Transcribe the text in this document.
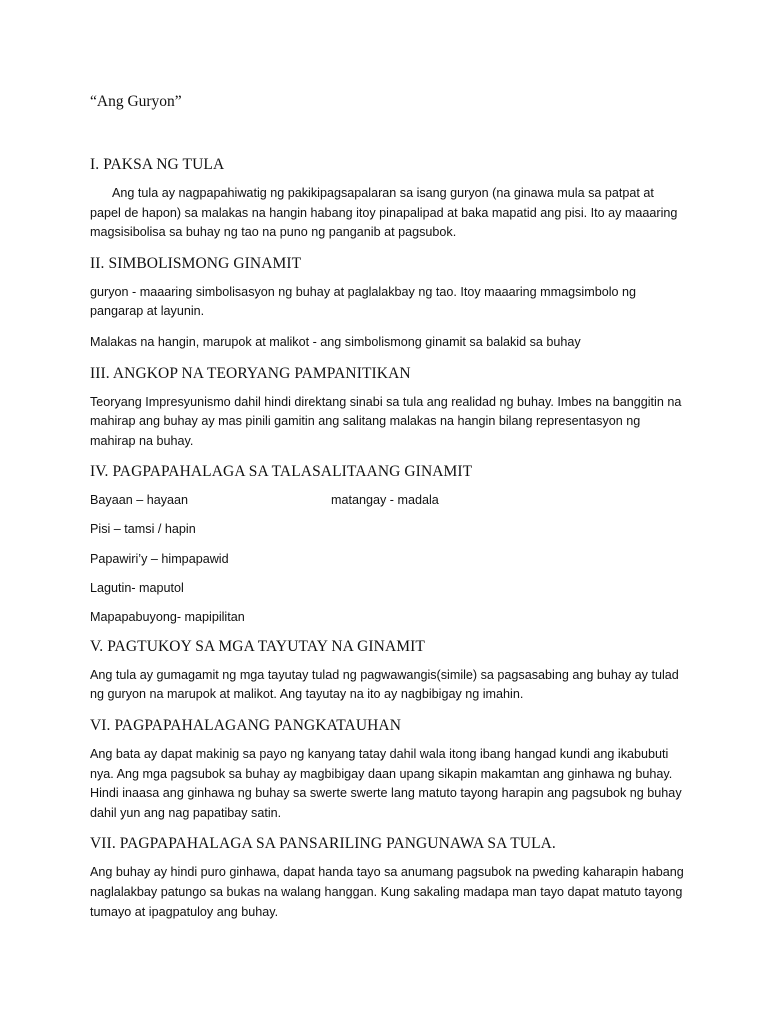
“Ang Guryon”
I. PAKSA NG TULA

Ang tula ay nagpapahiwatig ng pakikipagsapalaran sa isang guryon (na ginawa mula sa patpat at papel de hapon) sa malakas na hangin habang itoy pinapalipad at baka mapatid ang pisi. Ito ay maaaring magsisibolisa sa buhay ng tao na puno ng panganib at pagsubok.

II. SIMBOLISMONG GINAMIT

guryon - maaaring simbolisasyon ng buhay at paglalakbay ng tao. Itoy maaaring mmagsimbolo ng pangarap at layunin.

Malakas na hangin, marupok at malikot - ang simbolismong ginamit sa balakid sa buhay

III. ANGKOP NA TEORYANG PAMPANITIKAN

Teoryang Impresyunismo dahil hindi direktang sinabi sa tula ang realidad ng buhay. Imbes na banggitin na mahirap ang buhay ay mas pinili gamitin ang salitang malakas na hangin bilang representasyon ng mahirap na buhay.

IV. PAGPAPAHALAGA SA TALASALITAANG GINAMIT
Bayaan – hayaan	matangay - madala
Pisi – tamsi / hapin
Papawiri’y – himpapawid
Lagutin- maputol
Mapapabuyong- mapipilitan
V. PAGTUKOY SA MGA TAYUTAY NA GINAMIT

Ang tula ay gumagamit ng mga tayutay tulad ng pagwawangis(simile) sa pagsasabing ang buhay ay tulad ng guryon na marupok at malikot. Ang tayutay na ito ay nagbibigay ng imahin.

VI. PAGPAPAHALAGANG PANGKATAUHAN

Ang bata ay dapat makinig sa payo ng kanyang tatay dahil wala itong ibang hangad kundi ang ikabubuti nya. Ang mga pagsubok sa buhay ay magbibigay daan upang sikapin makamtan ang ginhawa ng buhay. Hindi inaasa ang ginhawa ng buhay sa swerte swerte lang matuto tayong harapin ang pagsubok ng buhay dahil yun ang nag papatibay satin.

VII. PAGPAPAHALAGA SA PANSARILING PANGUNAWA SA TULA.

Ang buhay ay hindi puro ginhawa, dapat handa tayo sa anumang pagsubok na pweding kaharapin habang naglalakbay patungo sa bukas na walang hanggan. Kung sakaling madapa man tayo dapat matuto tayong tumayo at ipagpatuloy ang buhay.
